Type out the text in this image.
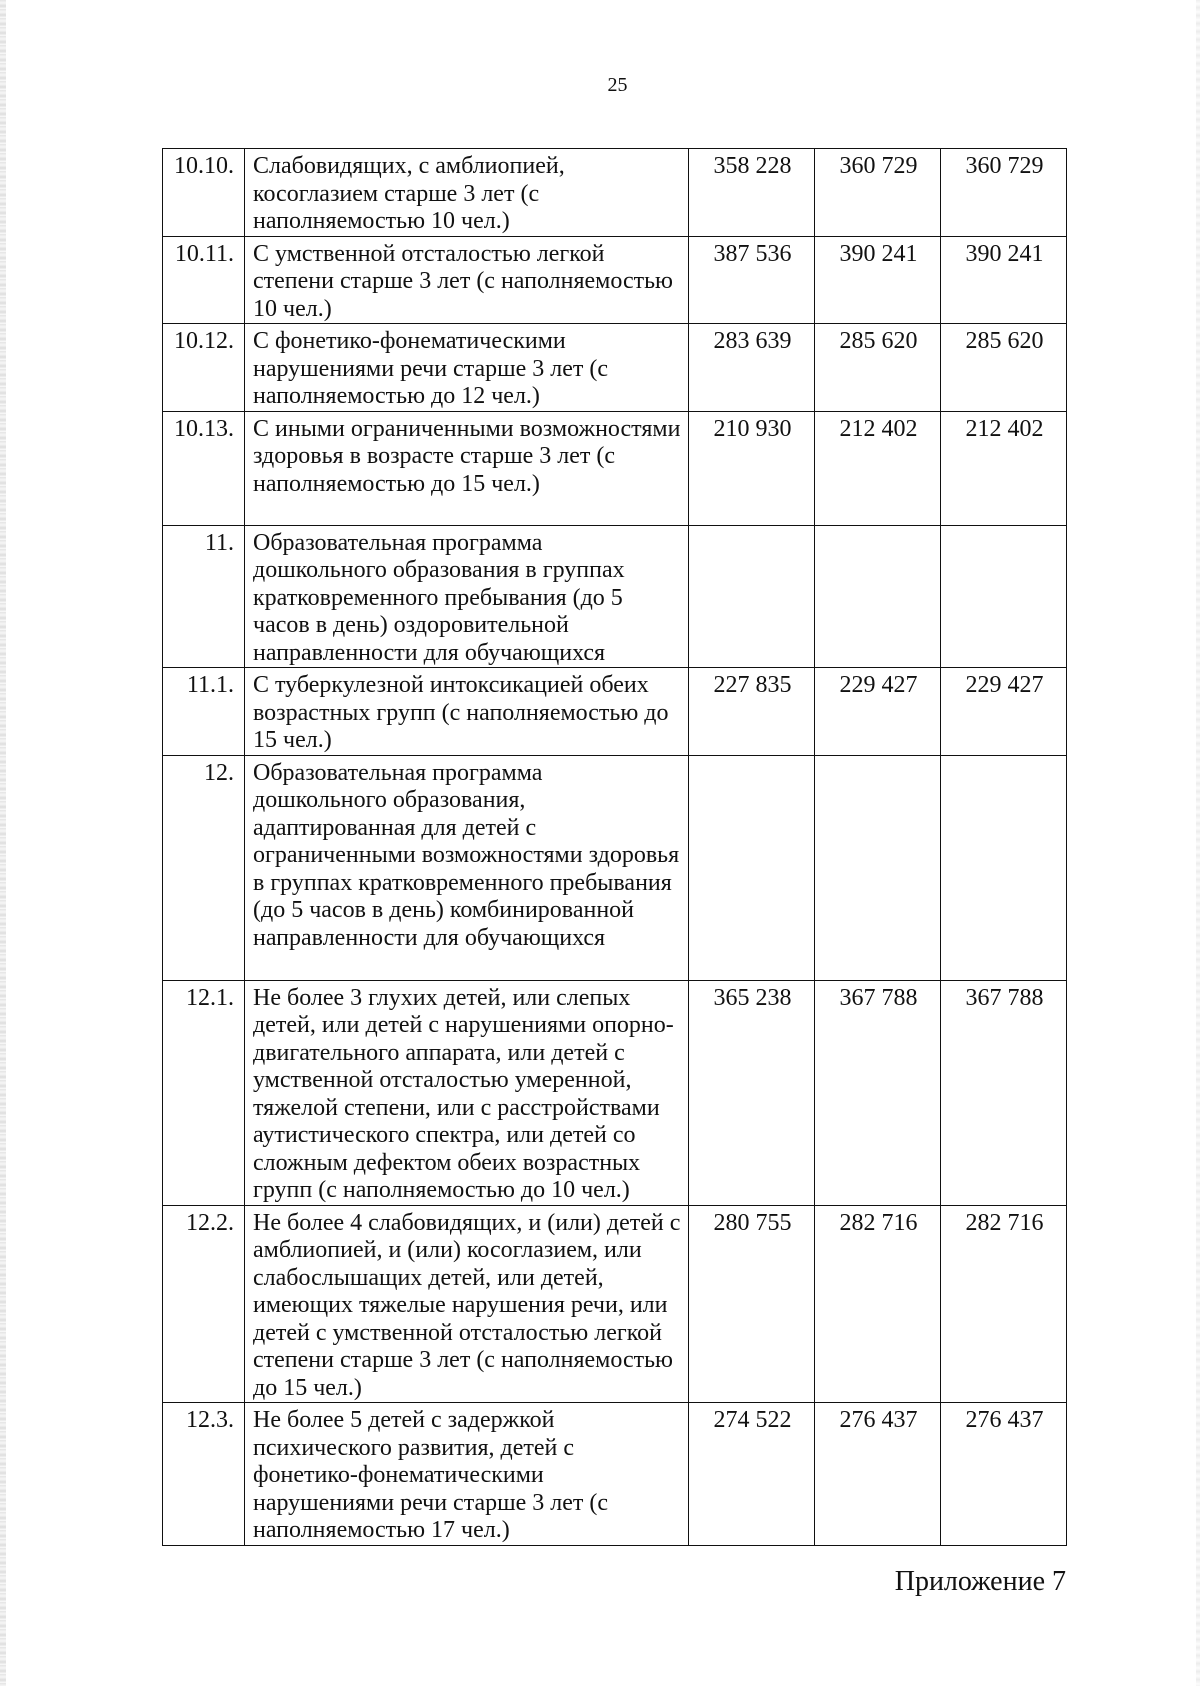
25
10.10.	Слабовидящих, с амблиопией, косоглазием старше 3 лет (с наполняемостью 10 чел.)	358 228	360 729	360 729
10.11.	С умственной отсталостью легкой степени старше 3 лет (с наполняемостью 10 чел.)	387 536	390 241	390 241
10.12.	С фонетико-фонематическими нарушениями речи старше 3 лет (с наполняемостью до 12 чел.)	283 639	285 620	285 620
10.13.	С иными ограниченными возможностями здоровья в возрасте старше 3 лет (с наполняемостью до 15 чел.)	210 930	212 402	212 402
11.	Образовательная программа дошкольного образования в группах кратковременного пребывания (до 5 часов в день) оздоровительной направленности для обучающихся			
11.1.	С туберкулезной интоксикацией обеих возрастных групп (с наполняемостью до 15 чел.)	227 835	229 427	229 427
12.	Образовательная программа дошкольного образования, адаптированная для детей с ограниченными возможностями здоровья в группах кратковременного пребывания (до 5 часов в день) комбинированной направленности для обучающихся			
12.1.	Не более 3 глухих детей, или слепых детей, или детей с нарушениями опорно-двигательного аппарата, или детей с умственной отсталостью умеренной, тяжелой степени, или с расстройствами аутистического спектра, или детей со сложным дефектом обеих возрастных групп (с наполняемостью до 10 чел.)	365 238	367 788	367 788
12.2.	Не более 4 слабовидящих, и (или) детей с амблиопией, и (или) косоглазием, или слабослышащих детей, или детей, имеющих тяжелые нарушения речи, или детей с умственной отсталостью легкой степени старше 3 лет (с наполняемостью до 15 чел.)	280 755	282 716	282 716
12.3.	Не более 5 детей с задержкой психического развития, детей с фонетико-фонематическими нарушениями речи старше 3 лет (с наполняемостью 17 чел.)	274 522	276 437	276 437
Приложение 7
